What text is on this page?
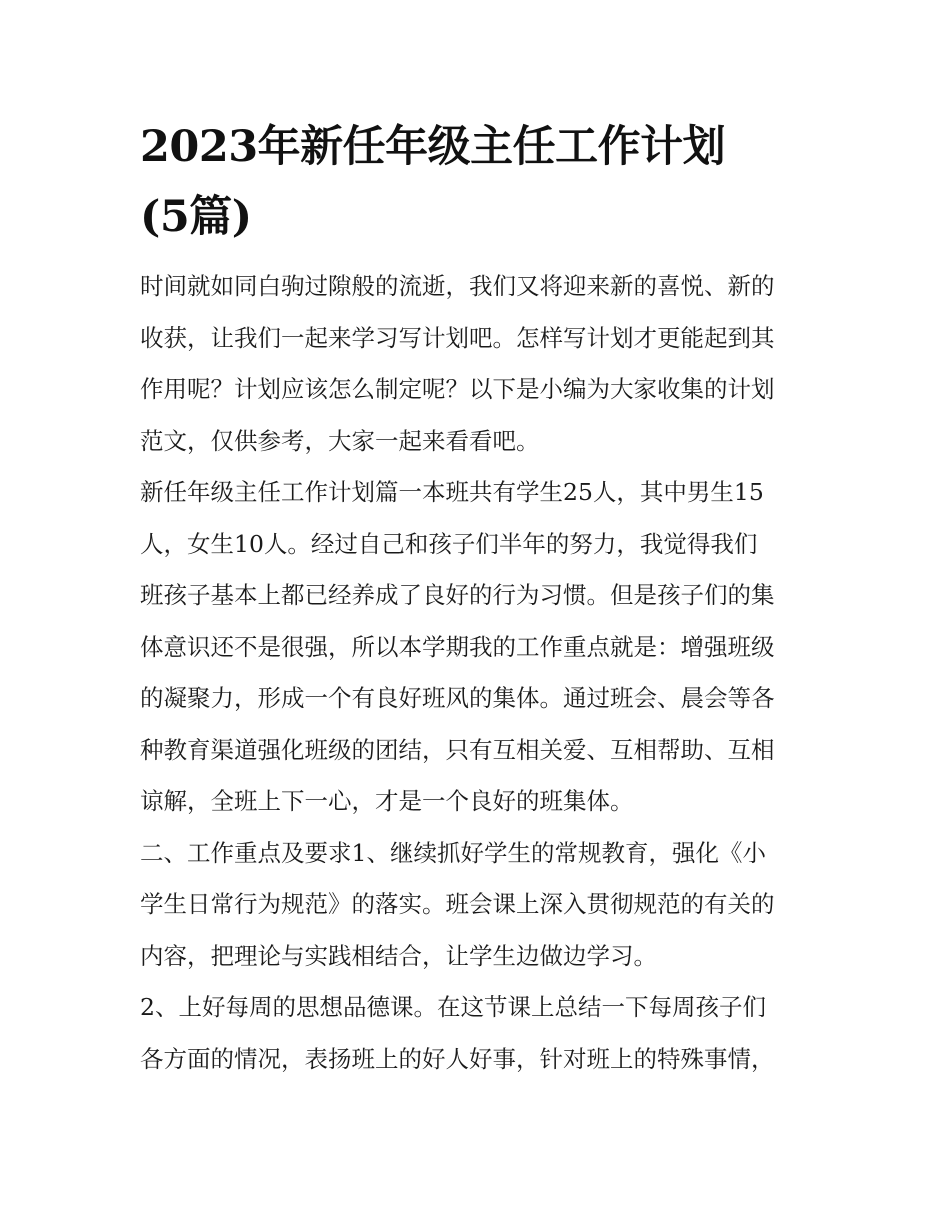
2023年新任年级主任工作计划
(5篇)

时间就如同白驹过隙般的流逝，我们又将迎来新的喜悦、新的
收获，让我们一起来学习写计划吧。怎样写计划才更能起到其
作用呢？计划应该怎么制定呢？以下是小编为大家收集的计划
范文，仅供参考，大家一起来看看吧。

新任年级主任工作计划篇一本班共有学生25人，其中男生15
人，女生10人。经过自己和孩子们半年的努力，我觉得我们
班孩子基本上都已经养成了良好的行为习惯。但是孩子们的集
体意识还不是很强，所以本学期我的工作重点就是：增强班级
的凝聚力，形成一个有良好班风的集体。通过班会、晨会等各
种教育渠道强化班级的团结，只有互相关爱、互相帮助、互相
谅解，全班上下一心，才是一个良好的班集体。

二、工作重点及要求1、继续抓好学生的常规教育，强化《小
学生日常行为规范》的落实。班会课上深入贯彻规范的有关的
内容，把理论与实践相结合，让学生边做边学习。

2、上好每周的思想品德课。在这节课上总结一下每周孩子们
各方面的情况，表扬班上的好人好事，针对班上的特殊事情，
